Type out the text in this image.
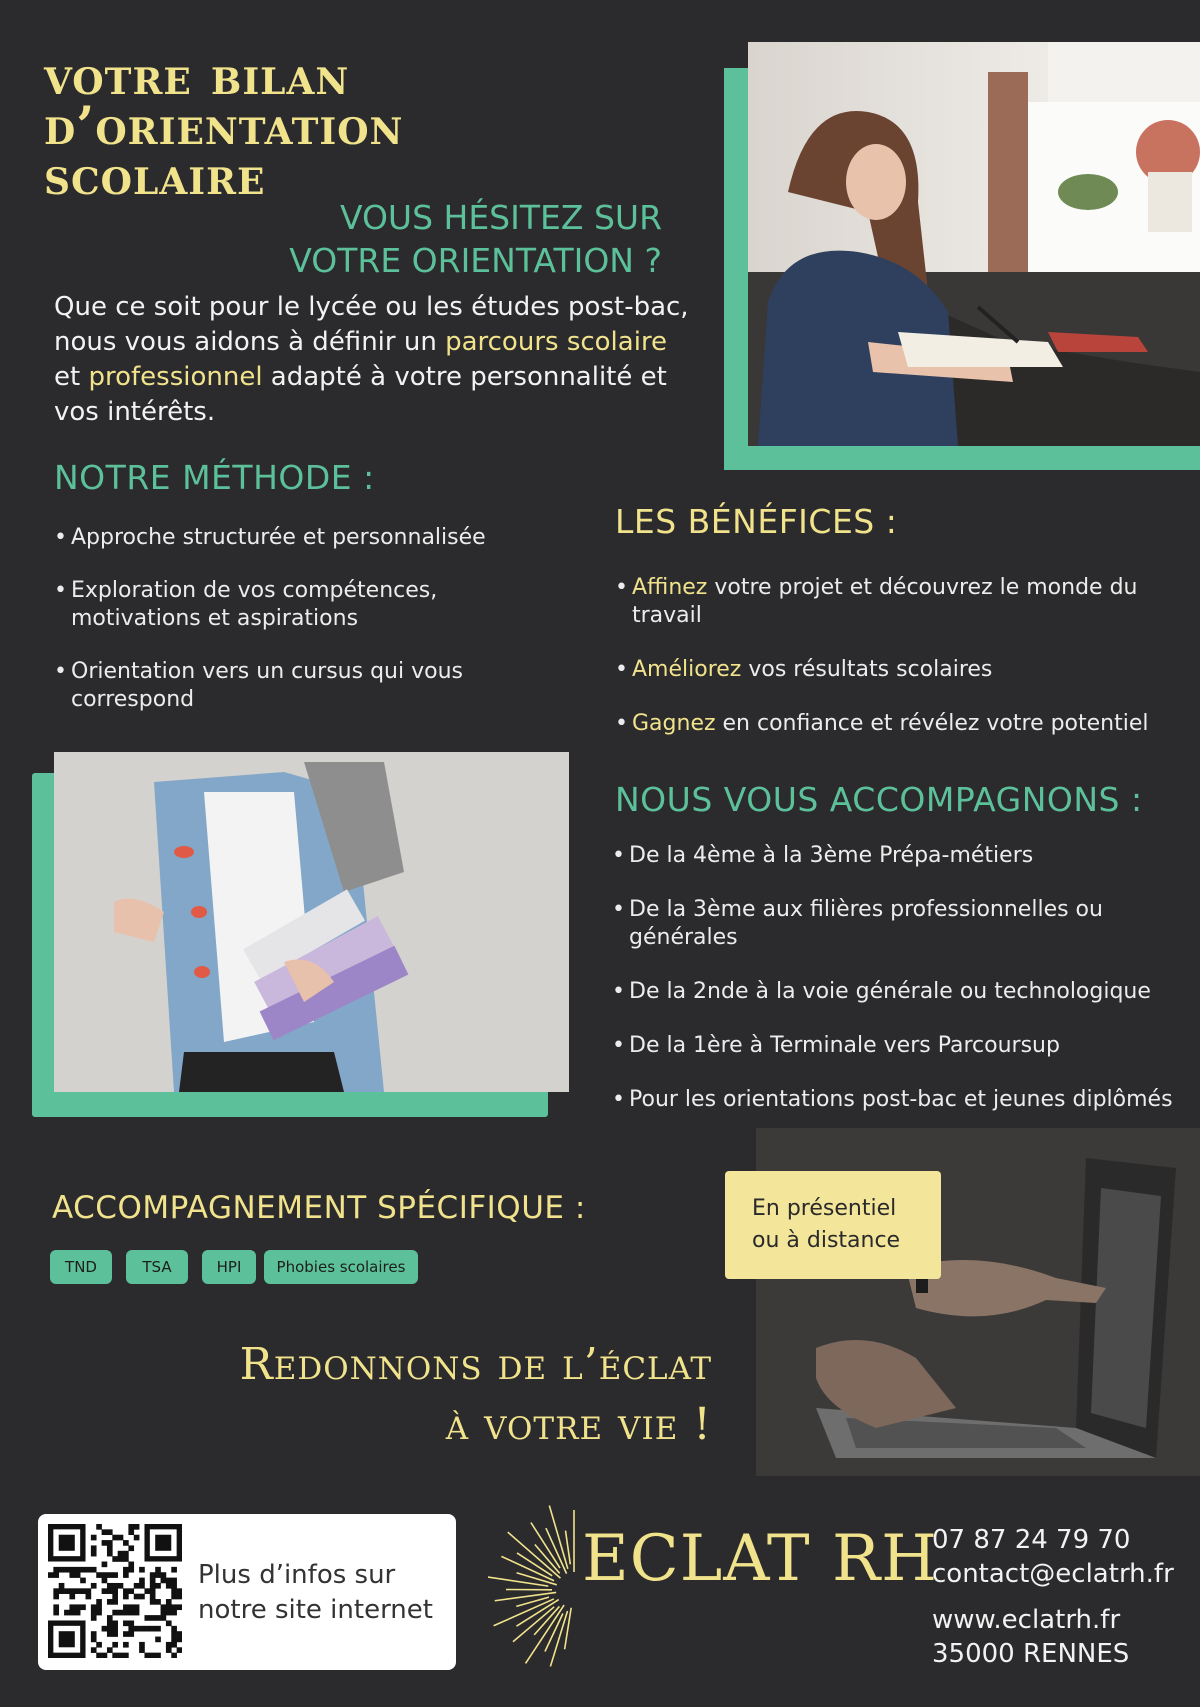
votre bilan
d’orientation
scolaire
VOUS HÉSITEZ SUR
VOTRE ORIENTATION ?
Que ce soit pour le lycée ou les études post-bac, nous vous aidons à définir un parcours scolaire et professionnel adapté à votre personnalité et vos intérêts.
NOTRE MÉTHODE :
• Approche structurée et personnalisée
• Exploration de vos compétences, motivations et aspirations
• Orientation vers un cursus qui vous correspond
LES BÉNÉFICES :
• Affinez votre projet et découvrez le monde du travail
• Améliorez vos résultats scolaires
• Gagnez en confiance et révélez votre potentiel
NOUS VOUS ACCOMPAGNONS :
• De la 4ème à la 3ème Prépa-métiers
• De la 3ème aux filières professionnelles ou générales
• De la 2nde à la voie générale ou technologique
• De la 1ère à Terminale vers Parcoursup
• Pour les orientations post-bac et jeunes diplômés
En présentiel
ou à distance
ACCOMPAGNEMENT SPÉCIFIQUE :
TND	TSA	HPI Phobies scolaires
Redonnons de l’éclat
à votre vie !
Plus d’infos sur
notre site internet
ECLAT RH
07 87 24 79 70
contact@eclatrh.fr
www.eclatrh.fr
35000 RENNES
